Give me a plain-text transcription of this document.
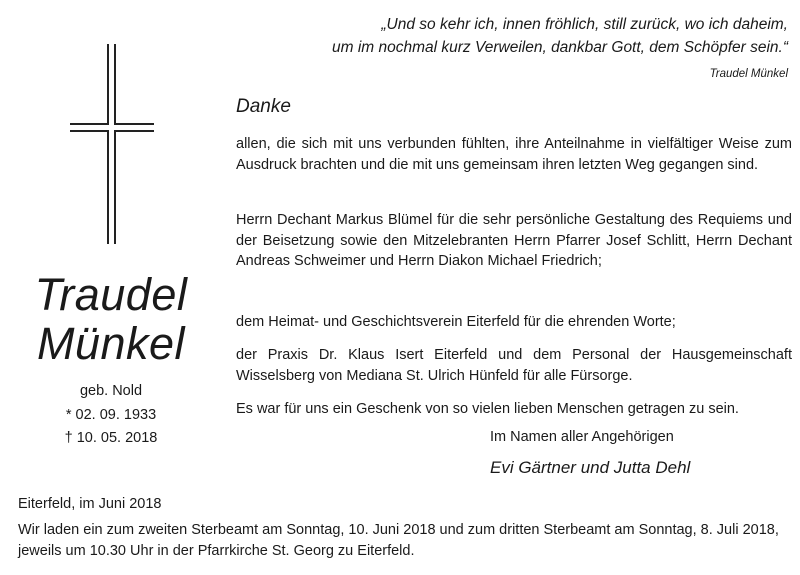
„Und so kehr ich, innen fröhlich, still zurück, wo ich daheim,
um im nochmal kurz Verweilen, dankbar Gott, dem Schöpfer sein.“
Traudel Münkel
Traudel
Münkel
geb. Nold
* 02. 09. 1933
† 10. 05. 2018
Danke
allen, die sich mit uns verbunden fühlten, ihre Anteilnahme in vielfältiger Weise zum Ausdruck brachten und die mit uns gemeinsam ihren letzten Weg gegangen sind.
Herrn Dechant Markus Blümel für die sehr persönliche Gestaltung des Requiems und der Beisetzung sowie den Mitzelebranten Herrn Pfarrer Josef Schlitt, Herrn Dechant Andreas Schweimer und Herrn Diakon Michael Friedrich;
dem Heimat- und Geschichtsverein Eiterfeld für die ehrenden Worte;
der Praxis Dr. Klaus Isert Eiterfeld und dem Personal der Hausgemeinschaft Wisselsberg von Mediana St. Ulrich Hünfeld für alle Fürsorge.
Es war für uns ein Geschenk von so vielen lieben Menschen getragen zu sein.
Im Namen aller Angehörigen
Evi Gärtner und Jutta Dehl
Eiterfeld, im Juni 2018
Wir laden ein zum zweiten Sterbeamt am Sonntag, 10. Juni 2018 und zum dritten Sterbeamt am Sonntag, 8. Juli 2018, jeweils um 10.30 Uhr in der Pfarrkirche St. Georg zu Eiterfeld.
